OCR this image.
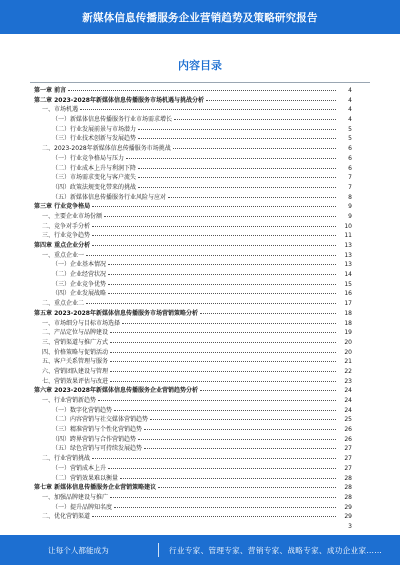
新媒体信息传播服务企业营销趋势及策略研究报告
内容目录
第一章 前言	4
第二章 2023-2028年新媒体信息传播服务市场机遇与挑战分析	4
一、市场机遇	4
（一）新媒体信息传播服务行业市场需求增长	4
（二）行业发展前景与市场潜力	5
（三）行业技术创新与发展趋势	5
二、2023-2028年新媒体信息传播服务市场挑战	6
（一）行业竞争格局与压力	6
（二）行业成本上升与利润下降	6
（三）市场需求变化与客户流失	7
（四）政策法规变化带来的挑战	7
（五）新媒体信息传播服务行业风险与应对	8
第三章 行业竞争格局	9
一、主要企业市场份额	9
二、竞争对手分析	10
三、行业竞争趋势	11
第四章 重点企业分析	13
一、重点企业一	13
（一）企业基本情况	13
（二）企业经营状况	14
（三）企业竞争优势	15
（四）企业发展战略	16
二、重点企业二	17
第五章 2023-2028年新媒体信息传播服务市场营销策略分析	18
一、市场细分与目标市场选择	18
二、产品定位与品牌建设	19
三、营销渠道与推广方式	20
四、价格策略与促销活动	20
五、客户关系管理与服务	21
六、营销团队建设与管理	22
七、营销效果评估与改进	23
第六章 2023-2028年新媒体信息传播服务企业营销趋势分析	24
一、行业营销新趋势	24
（一）数字化营销趋势	24
（二）内容营销与社交媒体营销趋势	25
（三）精准营销与个性化营销趋势	26
（四）跨界营销与合作营销趋势	26
（五）绿色营销与可持续发展趋势	27
二、行业营销挑战	27
（一）营销成本上升	27
（二）营销效果难以衡量	28
第七章 新媒体信息传播服务企业营销策略建议	28
一、加强品牌建设与推广	28
（一）提升品牌知名度	29
二、优化营销渠道	29
3
让每个人都能成为	行业专家、管理专家、营销专家、战略专家、成功企业家……
